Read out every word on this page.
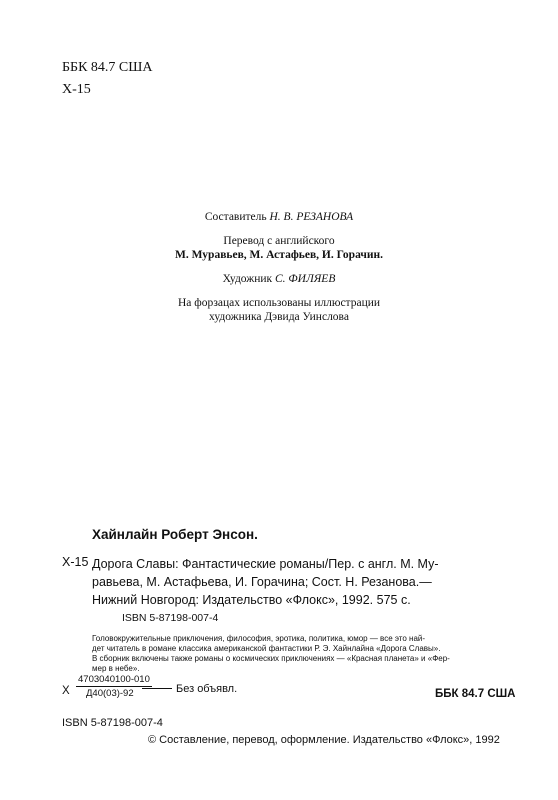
ББК 84.7 США
Х-15
Составитель Н. В. РЕЗАНОВА
Перевод с английского
М. Муравьев, М. Астафьев, И. Горачин.
Художник С. ФИЛЯЕВ
На форзацах использованы иллюстрации
художника Дэвида Уинслова
Хайнлайн Роберт Энсон.
Х-15 Дорога Славы: Фантастические романы/Пер. с англ. М. Му-
равьева, М. Астафьева, И. Горачина; Сост. Н. Резанова.—
Нижний Новгород: Издательство «Флокс», 1992. 575 с.
ISBN 5-87198-007-4
Головокружительные приключения, философия, эротика, политика, юмор — все это най-
дет читатель в романе классика американской фантастики Р. Э. Хайнлайна «Дорога Славы».
В сборник включены также романы о космических приключениях — «Красная планета» и «Фер-
мер в небе».
Х
4703040100-010
Д40(03)-92	Без объявл.	ББК 84.7 США
ISBN 5-87198-007-4
© Составление, перевод, оформление. Издательство «Флокс», 1992
